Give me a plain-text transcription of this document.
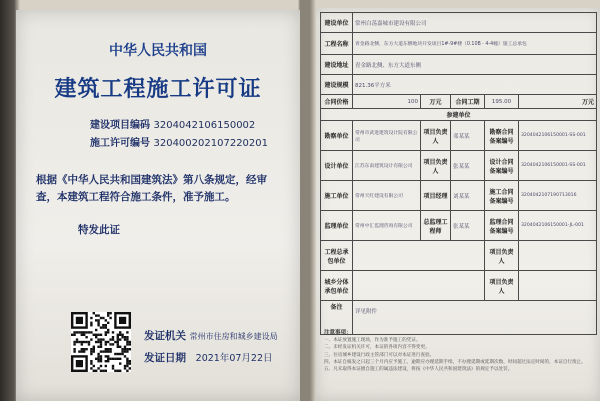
中华人民共和国
建筑工程施工许可证
建设项目编码 3204042106150002
施工许可编号 320400202107220201
根据《中华人民共和国建筑法》第八条规定，经审查，本建筑工程符合施工条件，准予施工。
特发此证
发证机关 常州市住房和城乡建设局
发证日期 2021年07月22日
建设单位	常州白荡嘉城市建设有限公司				
工程名称	青金路北侧、东方大道东侧地块开发项目1#-9#楼（0.10B · 4-4幢）施工总承包				
建设地址	青金路北侧、东方大道东侧				
建设规模	821.36平方米				
合同价格	100	万元	合同工期	195.00	万元
参建单位					
勘察单位	常州市武进建筑设计院有限公司	项目负责人	邓某某	勘察合同备案编号	3204042106150001-SS-001
设计单位	江苏东南建筑设计有限公司	项目负责人	张某某	设计合同备案编号	3204042106150001-SS-001
施工单位	常州天红建设有限公司	项目经理	刘某某	施工合同备案编号	3204042107190713016
监理单位	常州中汇监理咨询有限公司	总监理工程师	张某某	监理合同备案编号	3204042106150001-JL-001
工程总承包单位				项目负责人	
城乡分体承包单位				项目负责人	
备注	详见附件				
注意事项：
一、本证放置施工现场，作为准予施工的凭证。
二、未经发证机关许可，本证的各项内容不得变更。
三、住房城乡建设行政主管部门可以对本证进行查验。
四、本证自核发之日起三个月内应予施工，逾期应办理延期手续，不办理延期或延期次数、时间超过法定时间的，本证自行废止。
五、凡未取得本证擅自施工的属违法建设，将按《中华人民共和国建筑法》的规定予以处罚。
